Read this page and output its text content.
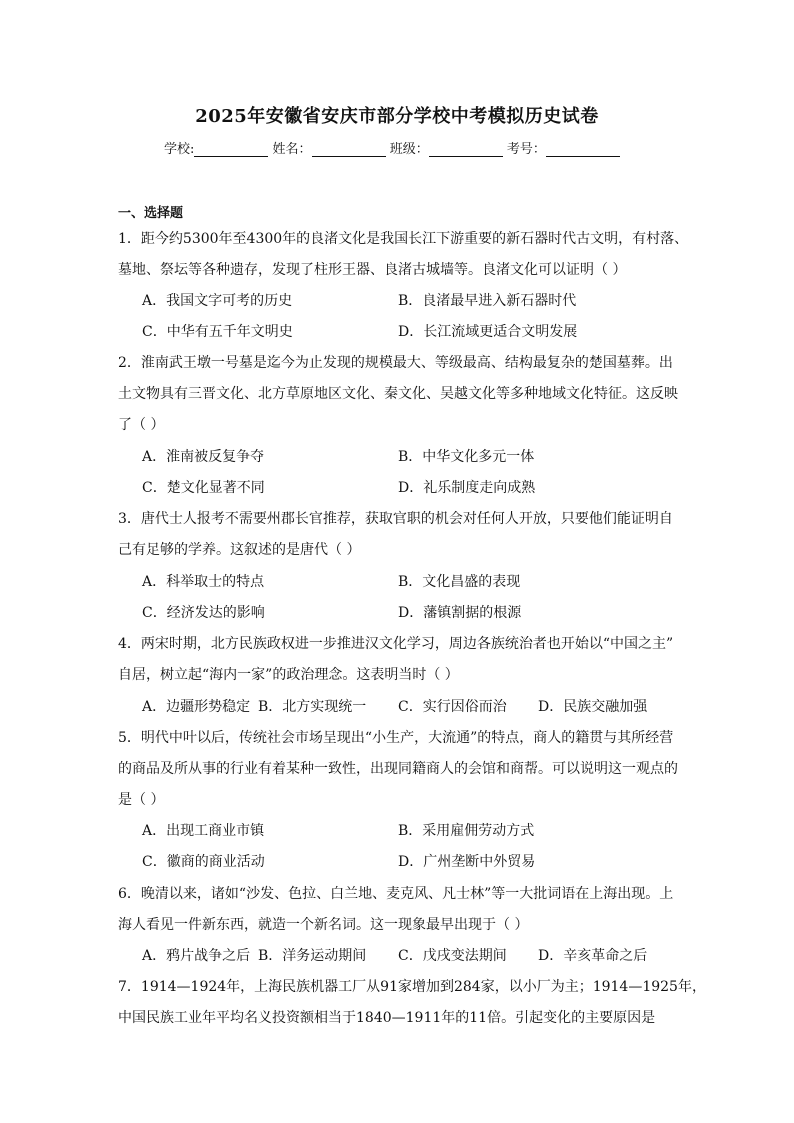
2025年安徽省安庆市部分学校中考模拟历史试卷
学校:	姓名：	班级：	考号：
一、选择题
1．距今约5300年至4300年的良渚文化是我国长江下游重要的新石器时代古文明，有村落、
墓地、祭坛等各种遗存，发现了柱形王器、良渚古城墙等。良渚文化可以证明（ ）
A．我国文字可考的历史	B．良渚最早进入新石器时代
C．中华有五千年文明史	D．长江流域更适合文明发展
2．淮南武王墩一号墓是迄今为止发现的规模最大、等级最高、结构最复杂的楚国墓葬。出
土文物具有三晋文化、北方草原地区文化、秦文化、吴越文化等多种地域文化特征。这反映
了（ ）
A．淮南被反复争夺	B．中华文化多元一体
C．楚文化显著不同	D．礼乐制度走向成熟
3．唐代士人报考不需要州郡长官推荐，获取官职的机会对任何人开放，只要他们能证明自
己有足够的学养。这叙述的是唐代（ ）
A．科举取士的特点	B．文化昌盛的表现
C．经济发达的影响	D．藩镇割据的根源
4．两宋时期，北方民族政权进一步推进汉文化学习，周边各族统治者也开始以“中国之主”
自居，树立起“海内一家”的政治理念。这表明当时（ ）
A．边疆形势稳定 B．北方实现统一 C．实行因俗而治 D．民族交融加强
5．明代中叶以后，传统社会市场呈现出“小生产，大流通”的特点，商人的籍贯与其所经营
的商品及所从事的行业有着某种一致性，出现同籍商人的会馆和商帮。可以说明这一观点的
是（ ）
A．出现工商业市镇	B．采用雇佣劳动方式
C．徽商的商业活动	D．广州垄断中外贸易
6．晚清以来，诸如“沙发、色拉、白兰地、麦克风、凡士林”等一大批词语在上海出现。上
海人看见一件新东西，就造一个新名词。这一现象最早出现于（ ）
A．鸦片战争之后 B．洋务运动期间 C．戊戌变法期间 D．辛亥革命之后
7．1914—1924年，上海民族机器工厂从91家增加到284家，以小厂为主；1914—1925年，
中国民族工业年平均名义投资额相当于1840—1911年的11倍。引起变化的主要原因是
